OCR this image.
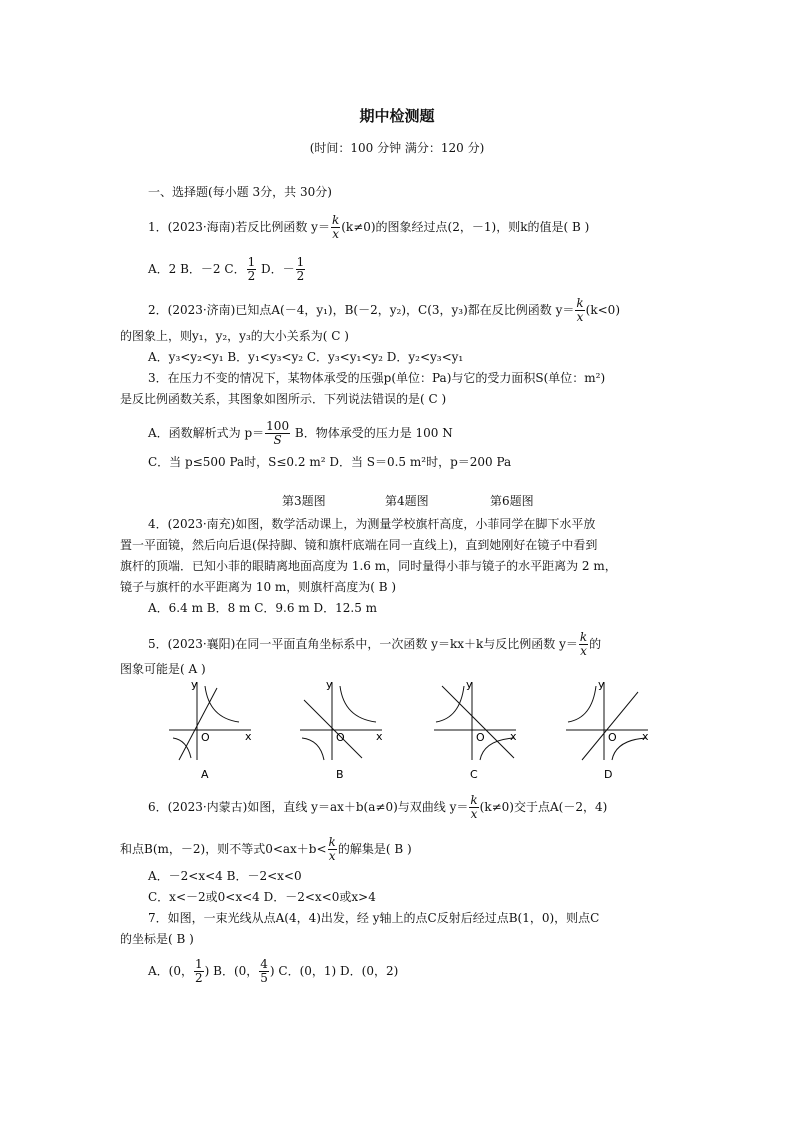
期中检测题
(时间：100 分钟 满分：120 分)
一、选择题(每小题 3分，共 30分)
1．(2023·海南)若反比例函数 $y= \frac{k}{x} (k\ne 0)$的图象经过点(2，－1)，则k的值是( B )
A．2 B．－2 C． $\frac{1}{2}$ D．－ $\frac{1}{2}$
2．(2023·济南)已知点A(－4，y₁)，B(－2，y₂)，C(3，y₃)都在反比例函数 $y= \frac{k}{x} (k<0)$
的图象上，则y₁，y₂，y₃的大小关系为( C )
A．y₃<y₂<y₁ B．y₁<y₃<y₂ C．y₃<y₁<y₂ D．y₂<y₃<y₁
3．在压力不变的情况下，某物体承受的压强p(单位：Pa)与它的受力面积S(单位：m²)
是反比例函数关系，其图象如图所示．下列说法错误的是( C )
A．函数解析式为 $p= \frac{100}{S}$ B．物体承受的压力是 100 N
C．当 p≤500 Pa时，S≤0.2 m² D．当 S＝0.5 m²时，p＝200 Pa
第3题图	第4题图	第6题图
4．(2023·南充)如图，数学活动课上，为测量学校旗杆高度，小菲同学在脚下水平放
置一平面镜，然后向后退(保持脚、镜和旗杆底端在同一直线上)，直到她刚好在镜子中看到
旗杆的顶端．已知小菲的眼睛离地面高度为 1.6 m，同时量得小菲与镜子的水平距离为 2 m，
镜子与旗杆的水平距离为 10 m，则旗杆高度为( B )
A．6.4 m B．8 m C．9.6 m D．12.5 m
5．(2023·襄阳)在同一平面直角坐标系中，一次函数 y＝kx＋k与反比例函数 $y= \frac{k}{x}$ 的
图象可能是( A )
y
x
O
A
y
x
O
B
y
x
O
C
y
x
O
D
6．(2023·内蒙古)如图，直线 y＝ax＋b(a≠0)与双曲线 $y= \frac{k}{x} (k\ne 0)$交于点A(－2，4)
和点B(m，－2)，则不等式$0<ax+b< \frac{k}{x}$ 的解集是( B )
A．－2<x<4 B．－2<x<0
C．x<－2或0<x<4 D．－2<x<0或x>4
7．如图，一束光线从点A(4，4)出发，经 y轴上的点C反射后经过点B(1，0)，则点C
的坐标是( B )
A．(0， $\frac{1}{2}$ ) B．(0， $\frac{4}{5}$ ) C．(0，1) D．(0，2)
